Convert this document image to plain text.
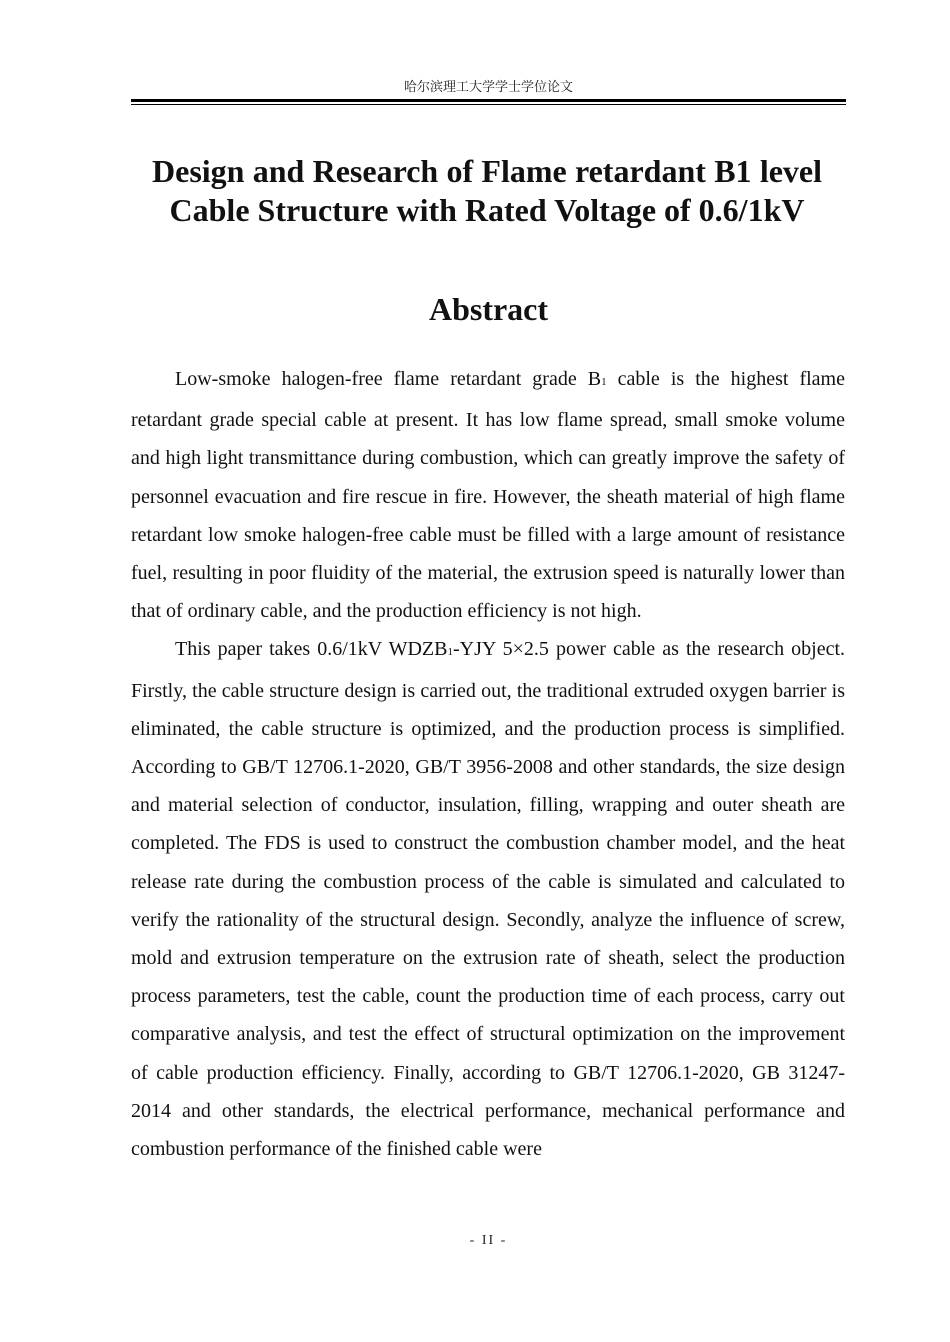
哈尔滨理工大学学士学位论文
Design and Research of Flame retardant B1 level Cable Structure with Rated Voltage of 0.6/1kV
Abstract

Low-smoke halogen-free flame retardant grade B1 cable is the highest flame retardant grade special cable at present. It has low flame spread, small smoke volume and high light transmittance during combustion, which can greatly improve the safety of personnel evacuation and fire rescue in fire. However, the sheath material of high flame retardant low smoke halogen-free cable must be filled with a large amount of resistance fuel, resulting in poor fluidity of the material, the extrusion speed is naturally lower than that of ordinary cable, and the production efficiency is not high.

This paper takes 0.6/1kV WDZB1-YJY 5×2.5 power cable as the research object. Firstly, the cable structure design is carried out, the traditional extruded oxygen barrier is eliminated, the cable structure is optimized, and the production process is simplified. According to GB/T 12706.1-2020, GB/T 3956-2008 and other standards, the size design and material selection of conductor, insulation, filling, wrapping and outer sheath are completed. The FDS is used to construct the combustion chamber model, and the heat release rate during the combustion process of the cable is simulated and calculated to verify the rationality of the structural design. Secondly, analyze the influence of screw, mold and extrusion temperature on the extrusion rate of sheath, select the production process parameters, test the cable, count the production time of each process, carry out comparative analysis, and test the effect of structural optimization on the improvement of cable production efficiency. Finally, according to GB/T 12706.1-2020, GB 31247-2014 and other standards, the electrical performance, mechanical performance and combustion performance of the finished cable were

- II -
